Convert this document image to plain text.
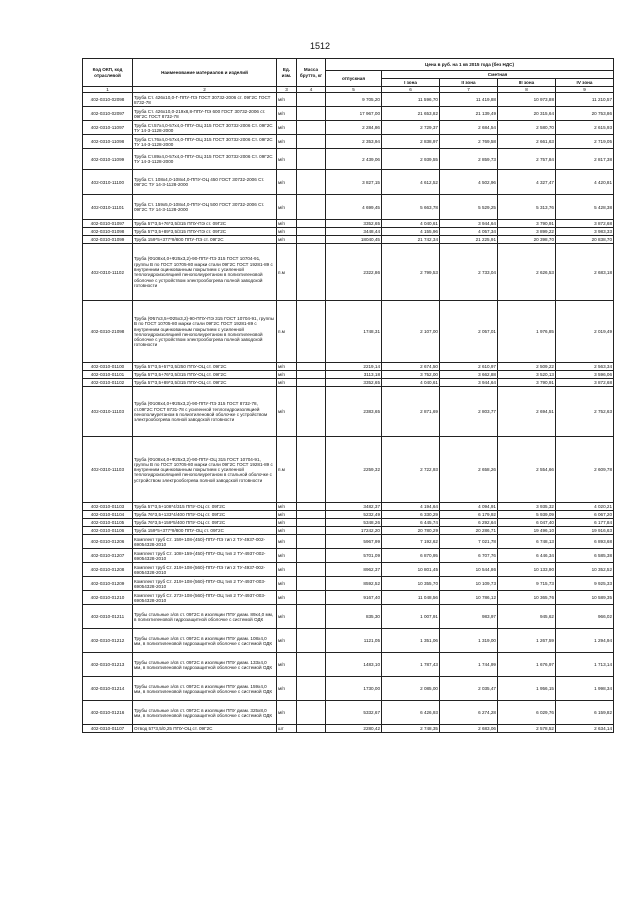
1512
Код ОКП, код отраслевой	Наименование материалов и изделий	Ед. изм.	Масса брутто, кг	Цена в руб. на 1 кв 2015 года (без НДС)				
				отпускная	Сметная			
					I зона	II зона	III зона	IV зона
1	2	3	4	5	6	7	8	9
402-0310-02098	Труба Ст. 426х10,0-Г-ППУ-ПЭ ГОСТ 30732-2006 ст. 09Г2С ГОСТ 8732-78	м/п		9 705,20	11 596,70	11 419,88	10 973,88	11 210,57
402-0310-02097	Труба Ст. 426х10,0-219х8,8-ППУ-ПЭ 600 ГОСТ 30732-2006 ст. 09Г2С ГОСТ 8732-78	м/п		17 967,00	21 653,82	21 139,49	20 315,64	20 753,86
402-0310-11097	Труба Ст.57х4,0-57х4,0-ППУ-ОЦ 315 ГОСТ 30732-2006 Ст. 09Г2С ТУ 14-3-1128-2000	м/п		2 284,86	2 729,37	2 684,54	2 580,70	2 615,93
402-0310-11098	Труба Ст.76х4,0-57х4,0-ППУ-ОЦ 315 ГОСТ 30732-2006 Ст. 09Г2С ТУ 14-3-1128-2000	м/п		2 353,94	2 838,97	2 769,58	2 661,63	2 719,05
402-0310-11099	Труба Ст.89х4,0-57х4,0-ППУ-ОЦ 315 ГОСТ 30732-2006 Ст. 09Г2С ТУ 14-3-1128-2000	м/п		2 439,06	2 939,55	2 859,73	2 757,84	2 817,38
402-0310-11100	Труба Ст. 108х4,0-108х4,0-ППУ-ОЦ 450 ГОСТ 30732-2006 Ст. 09Г2С ТУ 14-3-1128-2000	м/п		3 827,15	4 612,52	4 502,96	4 327,47	4 420,81
402-0310-11101	Труба Ст. 159х5,0-108х4,0-ППУ-ОЦ 500 ГОСТ 30732-2006 Ст. 09Г2С ТУ 14-3-1128-2000	м/п		4 699,45	5 663,78	5 529,25	5 313,76	5 428,38
402-0310-01097	Труба 57*3,5+76*3,5/315 ППУ-ПЭ ст. 09Г2С	м/п		3352,65	4 040,61	3 944,64	3 790,91	3 872,68
402-0310-01098	Труба 57*3,5+89*3,5/315 ППУ-ПЭ ст. 09Г2С	м/п		3448,44	4 155,96	4 057,34	3 899,22	3 983,33
402-0310-01099	Труба 159*5+377*9/800 ППУ-ПЭ ст. 09Г2С	м/п		18040,45	21 742,34	21 225,91	20 398,70	20 838,70
402-0310-11102	Труба (Ф108х4,0+Ф25х3,2)-90-ППУ-ПЭ 315 ГОСТ 10704-91, группы В по ГОСТ 10705-80 марки стали 09Г2С ГОСТ 19281-89 с внутренним оцинкованным покрытием с усиленной теплогидроизоляцией пенополиуретаном в полиэтиленовой оболочке с устройством электрообогрева полной заводской готовности	п.м		2322,86	2 799,53	2 733,04	2 626,53	2 683,18
402-0310-21098	Труба (Ф57х3,5+Ф25х3,2)-90-ППУ-ПЭ 315 ГОСТ 10704-91, группы В по ГОСТ 10705-80 марки стали 09Г2С ГОСТ 19281-89 с внутренним оцинкованным покрытием с усиленной теплогидроизоляцией пенополиуретаном в полиэтиленовой оболочке с устройством электрообогрева полной заводской готовности	п.м		1748,31	2 107,00	2 057,01	1 976,85	2 019,49
402-0310-01100	Труба 57*3,5+57*3,5/250 ППУ-ОЦ ст. 09Г2С	м/п		2219,14	2 674,50	2 610,97	2 509,22	2 563,34
402-0310-01101	Труба 57*3,5+76*3,5/315 ППУ-ОЦ ст. 09Г2С	м/п		3113,18	3 752,00	3 662,88	3 520,13	3 596,06
402-0310-01102	Труба 57*3,5+89*3,5/315 ППУ-ОЦ ст. 09Г2С	м/п		3352,65	4 040,61	3 944,64	3 790,91	3 872,68
402-0310-11103	Труба (Ф108х4,0+Ф25х3,2)-90-ППУ-ПЭ 315 ГОСТ 8732-78, ст.09Г2С ГОСТ 8731-78 с усиленной теплогидроизоляцией пенополиуретаном в полиэтиленовой оболочке с устройством электрообогрева полной заводской готовности	м/п		2383,65	2 871,69	2 803,77	2 694,51	2 752,63
402-0310-11103	Труба (Ф108х4,0+Ф25х3,2)-90-ППУ-ОЦ 315 ГОСТ 10704-91, группы В по ГОСТ 10705-80 марки стали 09Г2С ГОСТ 19281-89 с внутренним оцинкованным покрытием с усиленной теплогидроизоляцией пенополиуретаном в стальной оболочке с устройством электрообогрева полной заводской готовности	п.м		2259,32	2 722,93	2 658,26	2 554,66	2 609,78
402-0310-01103	Труба 57*3,5+108*4/315 ППУ-ОЦ ст. 09Г2С	м/п		3482,37	4 194,64	4 094,91	3 935,32	4 020,21
402-0310-01104	Труба 76*3,5+133*4/400 ППУ-ОЦ ст. 09Г2С	м/п		5232,49	6 330,29	6 179,92	5 939,09	6 067,20
402-0310-01105	Труба 76*3,5+159*5/400 ППУ-ОЦ ст. 09Г2С	м/п		5348,26	6 445,74	6 292,64	6 047,40	6 177,84
402-0310-01106	Труба 159*5+377*9/800 ППУ-ОЦ ст. 09Г2С	м/п		17242,20	20 780,29	20 286,71	19 496,10	19 916,63
402-0310-01206	Комплект труб Ст. 159+108-(450)-ППУ-ПЭ тип 2 ТУ-4937-002-69054328-2010	м/п		5967,99	7 192,62	7 021,78	6 748,13	6 893,68
402-0310-01207	Комплект труб Ст. 108+159-(450)-ППУ-ОЦ тип 2 ТУ-4937-002-69054328-2010	м/п		5701,09	6 870,95	6 707,76	6 446,34	6 585,38
402-0310-01208	Комплект труб Ст. 219+108-(560)-ППУ-ПЭ тип 2 ТУ-4937-002-69054328-2010	м/п		8962,37	10 801,45	10 544,86	10 133,90	10 352,52
402-0310-01209	Комплект труб Ст. 219+108-(560)-ППУ-ОЦ тип 2 ТУ-4937-003-69054328-2010	м/п		8592,52	10 355,70	10 109,73	9 715,73	9 925,33
402-0310-01210	Комплект труб Ст. 273+108-(560)-ППУ-ОЦ тип 2 ТУ-4937-003-69054328-2010	м/п		9167,40	11 048,56	10 786,12	10 365,76	10 589,35
402-0310-01211	Трубы стальные э/св ст. 09Г2С в изоляции ППУ диам. 89х4,0 мм, в полиэтиленовой гидрозащитной оболочке с системой ОДК	м/п		835,30	1 007,91	983,97	945,62	966,02
402-0310-01212	Трубы стальные э/св ст. 09Г2С в изоляции ППУ диам. 108х4,0 мм, в полиэтиленовой гидрозащитной оболочке с системой ОДК	м/п		1121,05	1 351,06	1 319,00	1 267,59	1 294,94
402-0310-01213	Трубы стальные э/св ст. 09Г2С в изоляции ППУ диам. 133х4,0 мм, в полиэтиленовой гидрозащитной оболочке с системой ОДК	м/п		1483,10	1 787,43	1 744,99	1 676,97	1 713,14
402-0310-01214	Трубы стальные э/св ст. 09Г2С в изоляции ППУ диам. 159х4,0 мм, в полиэтиленовой гидрозащитной оболочке с системой ОДК	м/п		1730,00	2 085,00	2 035,47	1 956,15	1 998,34
402-0310-01216	Трубы стальные э/св ст. 09Г2С в изоляции ППУ диам. 325х8,0 мм, в полиэтиленовой гидрозащитной оболочке с системой ОДК	м/п		5332,67	6 426,93	6 274,28	6 029,76	6 159,82
402-0310-01107	Отвод 57*3,5/0,25 ППУ-ОЦ ст. 09Г2С	шт		2280,42	2 748,35	2 683,06	2 578,52	2 634,14
